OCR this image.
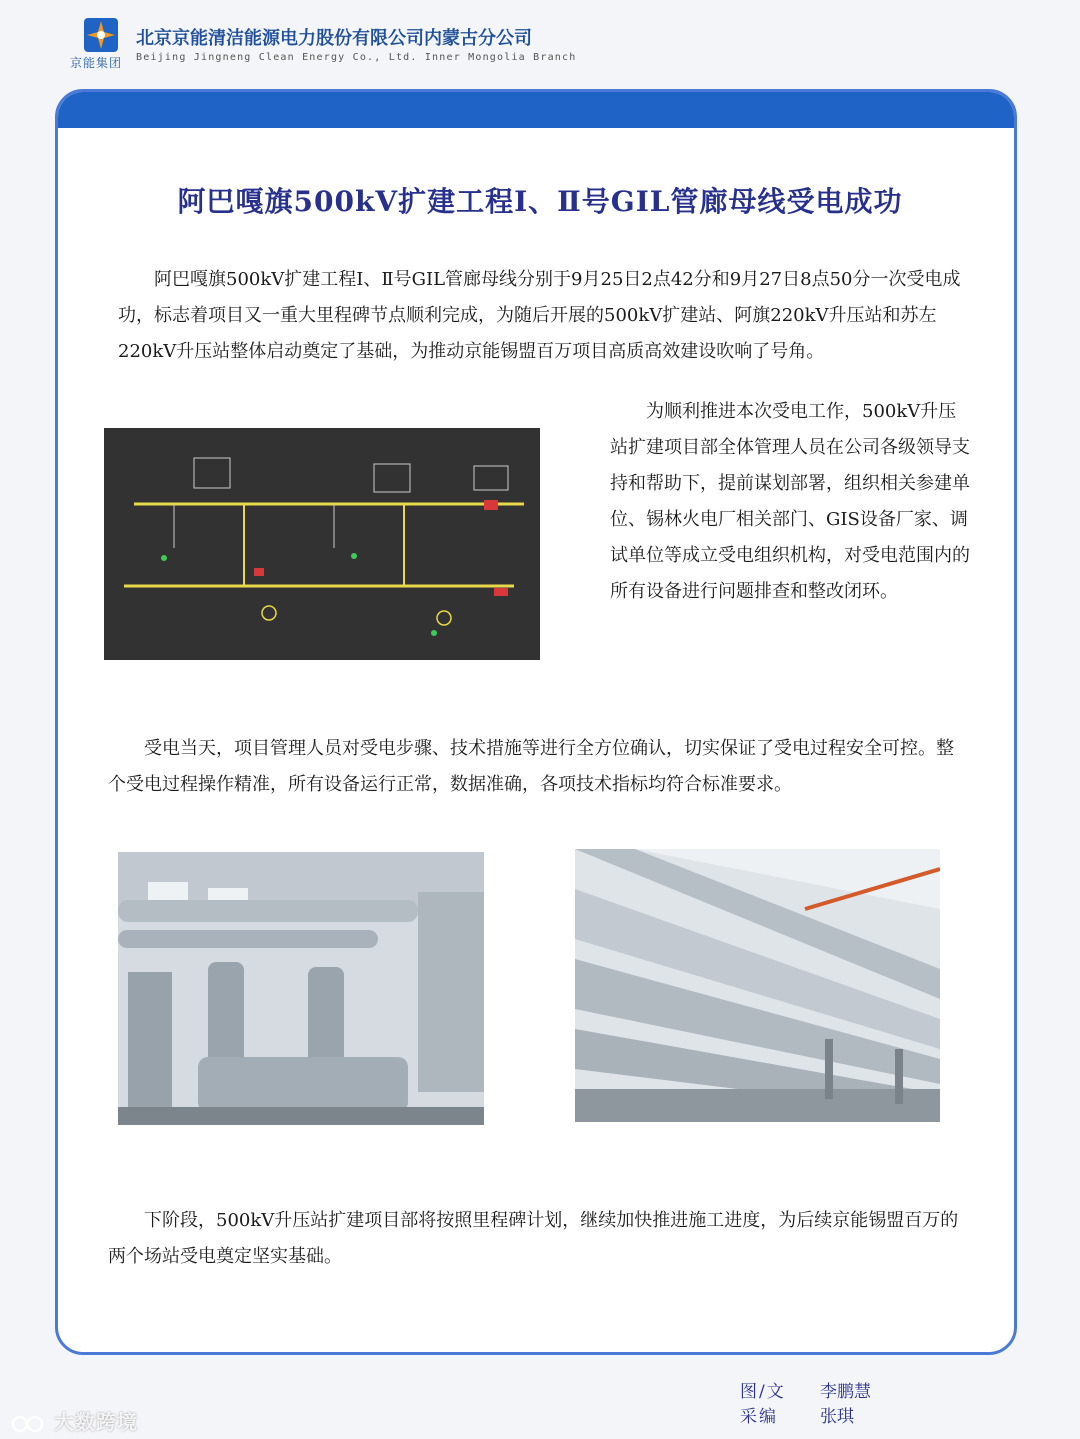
京能集团
北京京能清洁能源电力股份有限公司内蒙古分公司
Beijing Jingneng Clean Energy Co., Ltd. Inner Mongolia Branch
阿巴嘎旗500kV扩建工程Ⅰ、Ⅱ号GIL管廊母线受电成功

阿巴嘎旗500kV扩建工程Ⅰ、Ⅱ号GIL管廊母线分别于9月25日2点42分和9月27日8点50分一次受电成功，标志着项目又一重大里程碑节点顺利完成，为随后开展的500kV扩建站、阿旗220kV升压站和苏左220kV升压站整体启动奠定了基础，为推动京能锡盟百万项目高质高效建设吹响了号角。

为顺利推进本次受电工作，500kV升压站扩建项目部全体管理人员在公司各级领导支持和帮助下，提前谋划部署，组织相关参建单位、锡林火电厂相关部门、GIS设备厂家、调试单位等成立受电组织机构，对受电范围内的所有设备进行问题排查和整改闭环。

受电当天，项目管理人员对受电步骤、技术措施等进行全方位确认，切实保证了受电过程安全可控。整个受电过程操作精准，所有设备运行正常，数据准确，各项技术指标均符合标准要求。

下阶段，500kV升压站扩建项目部将按照里程碑计划，继续加快推进施工进度，为后续京能锡盟百万的两个场站受电奠定坚实基础。

图/文	李鹏慧
采编	张琪
大数跨境
